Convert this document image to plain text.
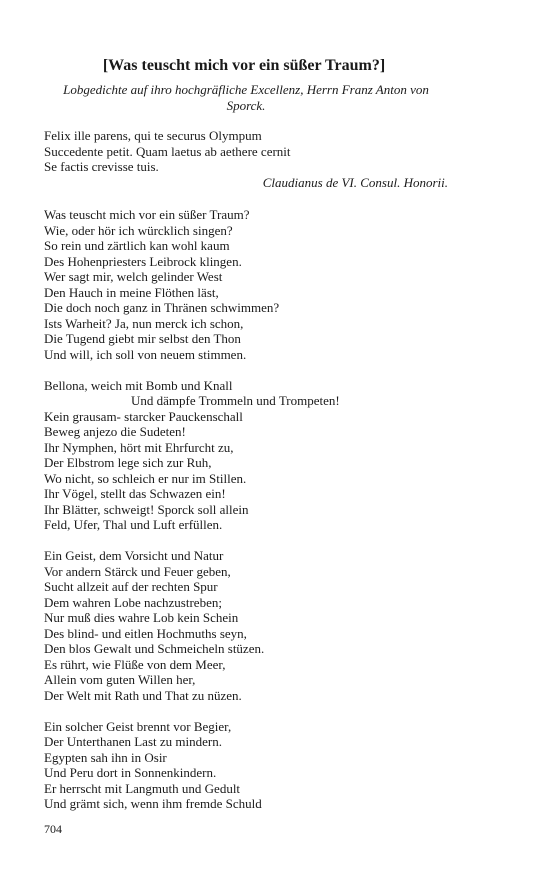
[Was teuscht mich vor ein süßer Traum?]
Lobgedichte auf ihro hochgräfliche Excellenz, Herrn Franz Anton von Sporck.
Felix ille parens, qui te securus Olympum
Succedente petit. Quam laetus ab aethere cernit
Se factis crevisse tuis.
Claudianus de VI. Consul. Honorii.
Was teuscht mich vor ein süßer Traum?
Wie, oder hör ich würcklich singen?
So rein und zärtlich kan wohl kaum
Des Hohenpriesters Leibrock klingen.
Wer sagt mir, welch gelinder West
Den Hauch in meine Flöthen läst,
Die doch noch ganz in Thränen schwimmen?
Ists Warheit? Ja, nun merck ich schon,
Die Tugend giebt mir selbst den Thon
Und will, ich soll von neuem stimmen.
Bellona, weich mit Bomb und Knall
Und dämpfe Trommeln und Trompeten!
Kein grausam- starcker Pauckenschall
Beweg anjezo die Sudeten!
Ihr Nymphen, hört mit Ehrfurcht zu,
Der Elbstrom lege sich zur Ruh,
Wo nicht, so schleich er nur im Stillen.
Ihr Vögel, stellt das Schwazen ein!
Ihr Blätter, schweigt! Sporck soll allein
Feld, Ufer, Thal und Luft erfüllen.
Ein Geist, dem Vorsicht und Natur
Vor andern Stärck und Feuer geben,
Sucht allzeit auf der rechten Spur
Dem wahren Lobe nachzustreben;
Nur muß dies wahre Lob kein Schein
Des blind- und eitlen Hochmuths seyn,
Den blos Gewalt und Schmeicheln stüzen.
Es rührt, wie Flüße von dem Meer,
Allein vom guten Willen her,
Der Welt mit Rath und That zu nüzen.
Ein solcher Geist brennt vor Begier,
Der Unterthanen Last zu mindern.
Egypten sah ihn in Osir
Und Peru dort in Sonnenkindern.
Er herrscht mit Langmuth und Gedult
Und grämt sich, wenn ihm fremde Schuld
704
